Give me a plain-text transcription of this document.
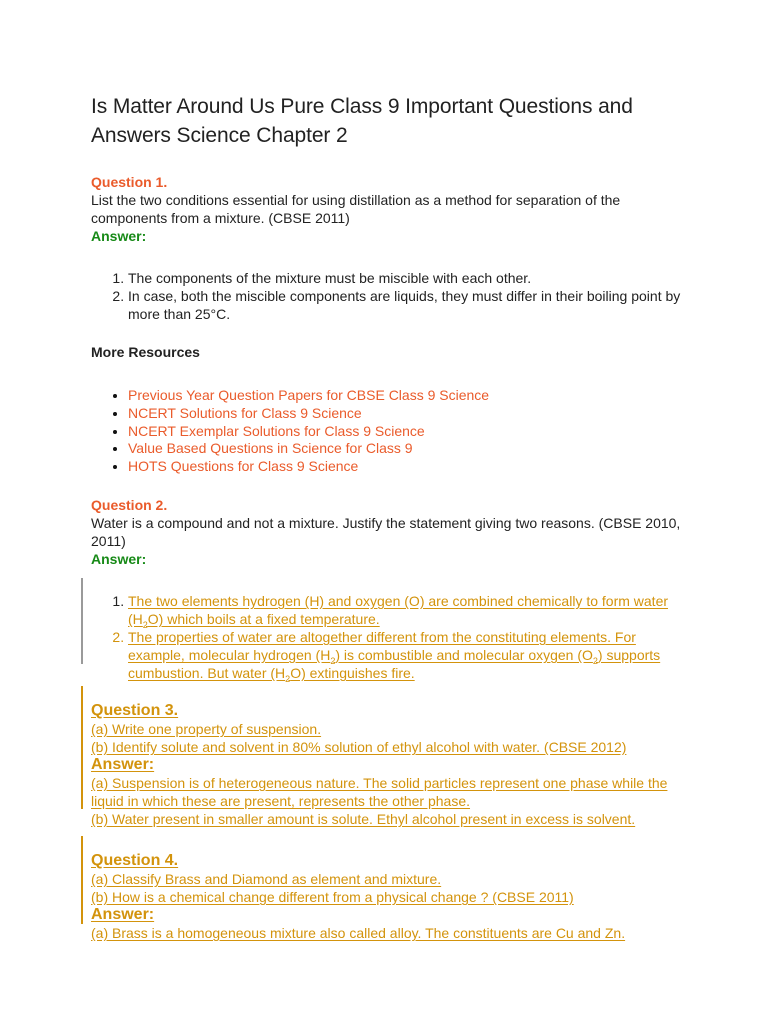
Is Matter Around Us Pure Class 9 Important Questions and Answers Science Chapter 2
Question 1.
List the two conditions essential for using distillation as a method for separation of the components from a mixture. (CBSE 2011)
Answer:
1. The components of the mixture must be miscible with each other.
2. In case, both the miscible components are liquids, they must differ in their boiling point by more than 25°C.
More Resources
• Previous Year Question Papers for CBSE Class 9 Science
• NCERT Solutions for Class 9 Science
• NCERT Exemplar Solutions for Class 9 Science
• Value Based Questions in Science for Class 9
• HOTS Questions for Class 9 Science
Question 2.
Water is a compound and not a mixture. Justify the statement giving two reasons. (CBSE 2010, 2011)
Answer:
1. The two elements hydrogen (H) and oxygen (O) are combined chemically to form water $(H_2O)$ which boils at a fixed temperature.
2. The properties of water are altogether different from the constituting elements. For example, molecular hydrogen $(H_2)$ is combustible and molecular oxygen $(O_2)$ supports cumbustion. But water $(H_2O)$ extinguishes fire.
Question 3.
(a) Write one property of suspension.
(b) Identify solute and solvent in 80% solution of ethyl alcohol with water. (CBSE 2012)
Answer:
(a) Suspension is of heterogeneous nature. The solid particles represent one phase while the liquid in which these are present, represents the other phase.
(b) Water present in smaller amount is solute. Ethyl alcohol present in excess is solvent.
Question 4.
(a) Classify Brass and Diamond as element and mixture.
(b) How is a chemical change different from a physical change ? (CBSE 2011)
Answer:
(a) Brass is a homogeneous mixture also called alloy. The constituents are Cu and Zn.
